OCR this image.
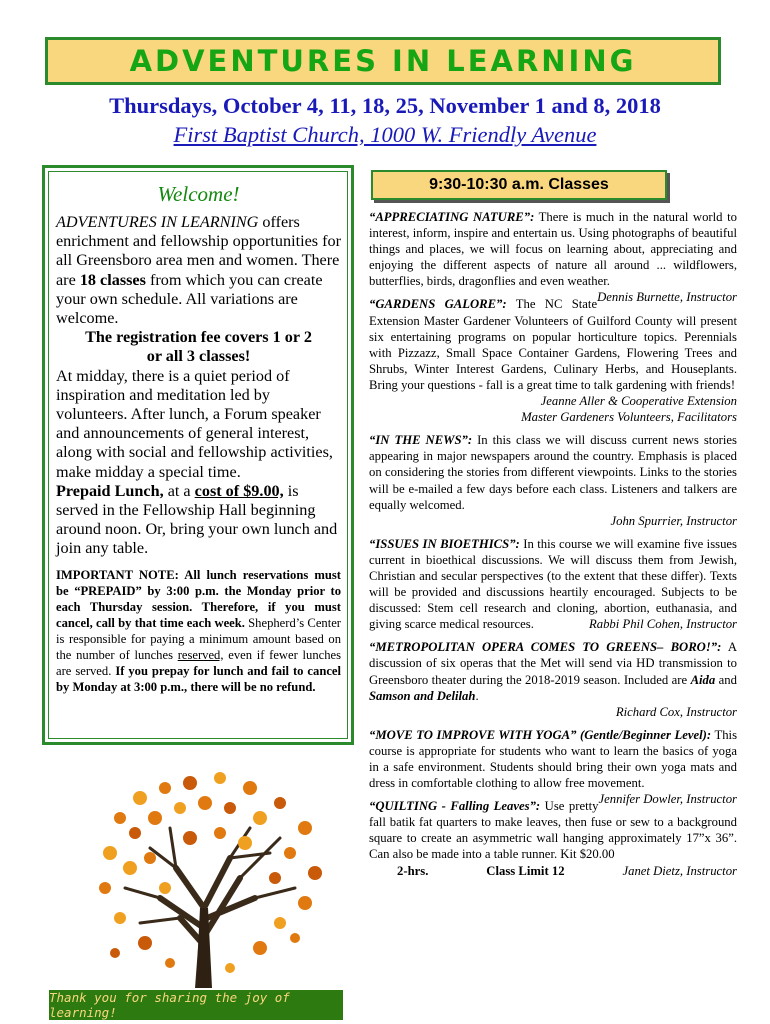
ADVENTURES IN LEARNING
Thursdays, October 4, 11, 18, 25, November 1 and 8, 2018
First Baptist Church, 1000 W. Friendly Avenue
Welcome!
ADVENTURES IN LEARNING offers enrichment and fellowship opportunities for all Greensboro area men and women. There are 18 classes from which you can create your own schedule. All variations are welcome.
The registration fee covers 1 or 2
or all 3 classes!
At midday, there is a quiet period of inspiration and meditation led by volunteers. After lunch, a Forum speaker and announcements of general interest, along with social and fellowship activities, make midday a special time.
Prepaid Lunch, at a cost of $9.00, is served in the Fellowship Hall beginning around noon. Or, bring your own lunch and join any table.
IMPORTANT NOTE: All lunch reservations must be “PREPAID” by 3:00 p.m. the Monday prior to each Thursday session. Therefore, if you must cancel, call by that time each week. Shepherd’s Center is responsible for paying a minimum amount based on the number of lunches reserved, even if fewer lunches are served. If you prepay for lunch and fail to cancel by Monday at 3:00 p.m., there will be no refund.
9:30-10:30 a.m. Classes
“APPRECIATING NATURE”: There is much in the natural world to interest, inform, inspire and entertain us. Using photographs of beautiful things and places, we will focus on learning about, appreciating and enjoying the different aspects of nature all around ... wildflowers, butterflies, birds, dragonflies and even weather.
Dennis Burnette, Instructor
“GARDENS GALORE”: The NC State Extension Master Gardener Volunteers of Guilford County will present six entertaining programs on popular horticulture topics. Perennials with Pizzazz, Small Space Container Gardens, Flowering Trees and Shrubs, Winter Interest Gardens, Culinary Herbs, and Houseplants. Bring your questions - fall is a great time to talk gardening with friends!
Jeanne Aller & Cooperative Extension
Master Gardeners Volunteers, Facilitators
“IN THE NEWS”: In this class we will discuss current news stories appearing in major newspapers around the country. Emphasis is placed on considering the stories from different viewpoints. Links to the stories will be e-mailed a few days before each class. Listeners and talkers are equally welcomed.
John Spurrier, Instructor
“ISSUES IN BIOETHICS”: In this course we will examine five issues current in bioethical discussions. We will discuss them from Jewish, Christian and secular perspectives (to the extent that these differ). Texts will be provided and discussions heartily encouraged. Subjects to be discussed: Stem cell research and cloning, abortion, euthanasia, and giving scarce medical resources.	Rabbi Phil Cohen, Instructor
“METROPOLITAN OPERA COMES TO GREENS– BORO!”: A discussion of six operas that the Met will send via HD transmission to Greensboro theater during the 2018-2019 season. Included are Aida and Samson and Delilah.
Richard Cox, Instructor
“MOVE TO IMPROVE WITH YOGA” (Gentle/Beginner Level): This course is appropriate for students who want to learn the basics of yoga in a safe environment. Students should bring their own yoga mats and dress in comfortable clothing to allow free movement.
Jennifer Dowler, Instructor
“QUILTING - Falling Leaves”: Use pretty fall batik fat quarters to make leaves, then fuse or sew to a background square to create an asymmetric wall hanging approximately 17”x 36”. Can also be made into a table runner. Kit $20.00
2-hrs.	Class Limit 12	Janet Dietz, Instructor
Thank you for sharing the joy of learning!
